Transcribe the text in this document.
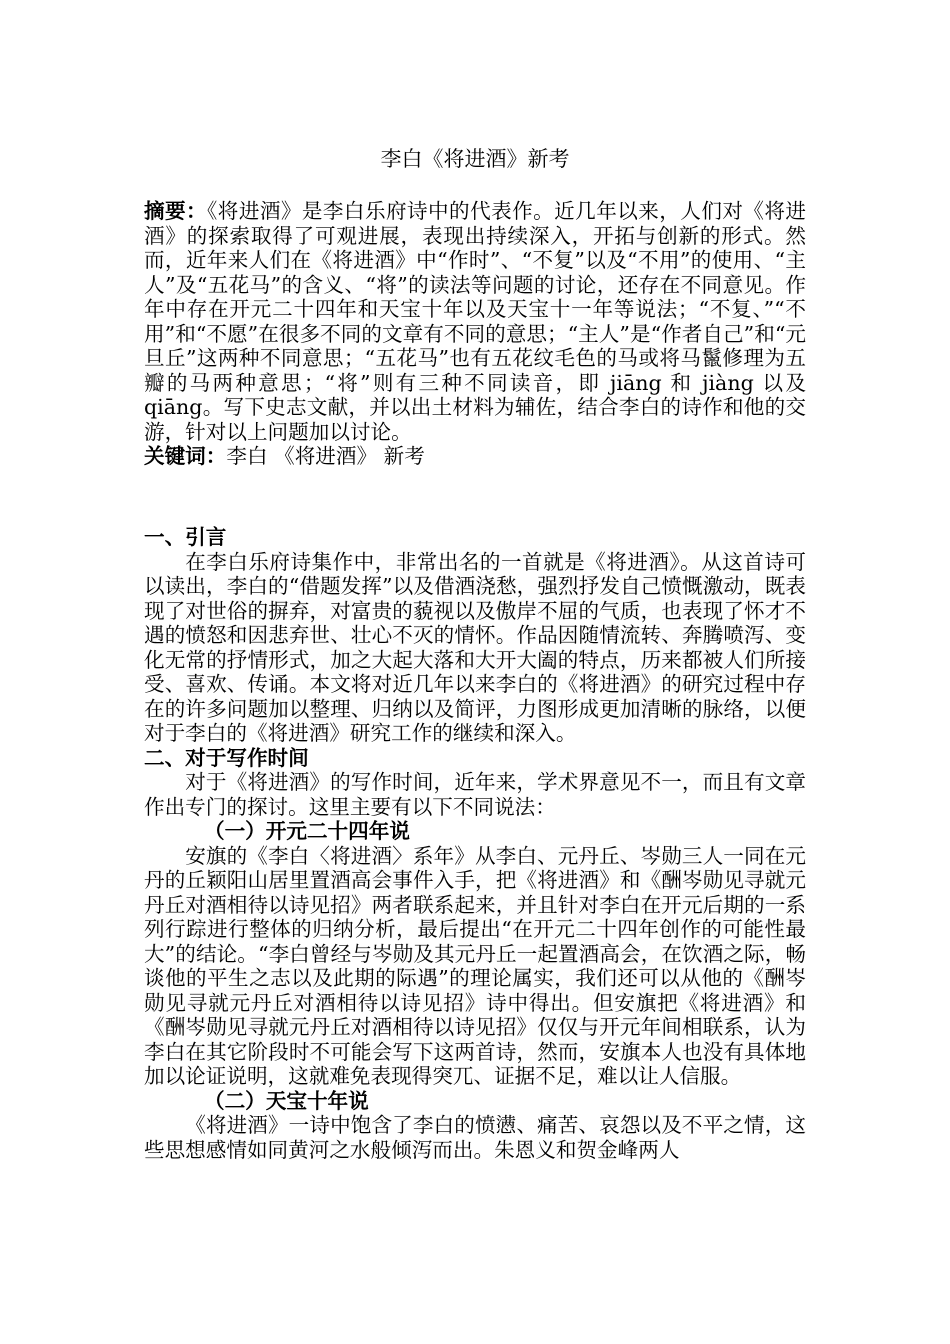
李白《将进酒》新考

摘要：《将进酒》是李白乐府诗中的代表作。近几年以来，人们对《将进酒》的探索取得了可观进展，表现出持续深入，开拓与创新的形式。然而，近年来人们在《将进酒》中“作时”、“不复”以及“不用”的使用、“主人”及“五花马”的含义、“将”的读法等问题的讨论，还存在不同意见。作年中存在开元二十四年和天宝十年以及天宝十一年等说法；“不复、”“不用”和“不愿”在很多不同的文章有不同的意思；“主人”是“作者自己”和“元旦丘”这两种不同意思；“五花马”也有五花纹毛色的马或将马鬣修理为五瓣的马两种意思；“将”则有三种不同读音，即 jiāng 和 jiàng 以及 qiāng。写下史志文献，并以出土材料为辅佐，结合李白的诗作和他的交游，针对以上问题加以讨论。

关键词：李白 《将进酒》 新考

一、引言

在李白乐府诗集作中，非常出名的一首就是《将进酒》。从这首诗可以读出，李白的“借题发挥”以及借酒浇愁，强烈抒发自己愤慨激动，既表现了对世俗的摒弃，对富贵的藐视以及傲岸不屈的气质，也表现了怀才不遇的愤怒和因悲弃世、壮心不灭的情怀。作品因随情流转、奔腾喷泻、变化无常的抒情形式，加之大起大落和大开大阖的特点，历来都被人们所接受、喜欢、传诵。本文将对近几年以来李白的《将进酒》的研究过程中存在的许多问题加以整理、归纳以及简评，力图形成更加清晰的脉络，以便对于李白的《将进酒》研究工作的继续和深入。

二、对于写作时间

对于《将进酒》的写作时间，近年来，学术界意见不一，而且有文章作出专门的探讨。这里主要有以下不同说法：

（一）开元二十四年说

安旗的《李白〈将进酒〉系年》从李白、元丹丘、岑勋三人一同在元丹的丘颖阳山居里置酒高会事件入手，把《将进酒》和《酬岑勋见寻就元丹丘对酒相待以诗见招》两者联系起来，并且针对李白在开元后期的一系列行踪进行整体的归纳分析，最后提出“在开元二十四年创作的可能性最大”的结论。“李白曾经与岑勋及其元丹丘一起置酒高会，在饮酒之际，畅谈他的平生之志以及此期的际遇”的理论属实，我们还可以从他的《酬岑勋见寻就元丹丘对酒相待以诗见招》诗中得出。但安旗把《将进酒》和《酬岑勋见寻就元丹丘对酒相待以诗见招》仅仅与开元年间相联系，认为李白在其它阶段时不可能会写下这两首诗，然而，安旗本人也没有具体地加以论证说明，这就难免表现得突兀、证据不足，难以让人信服。

（二）天宝十年说

《将进酒》一诗中饱含了李白的愤懑、痛苦、哀怨以及不平之情，这些思想感情如同黄河之水般倾泻而出。朱恩义和贺金峰两人
